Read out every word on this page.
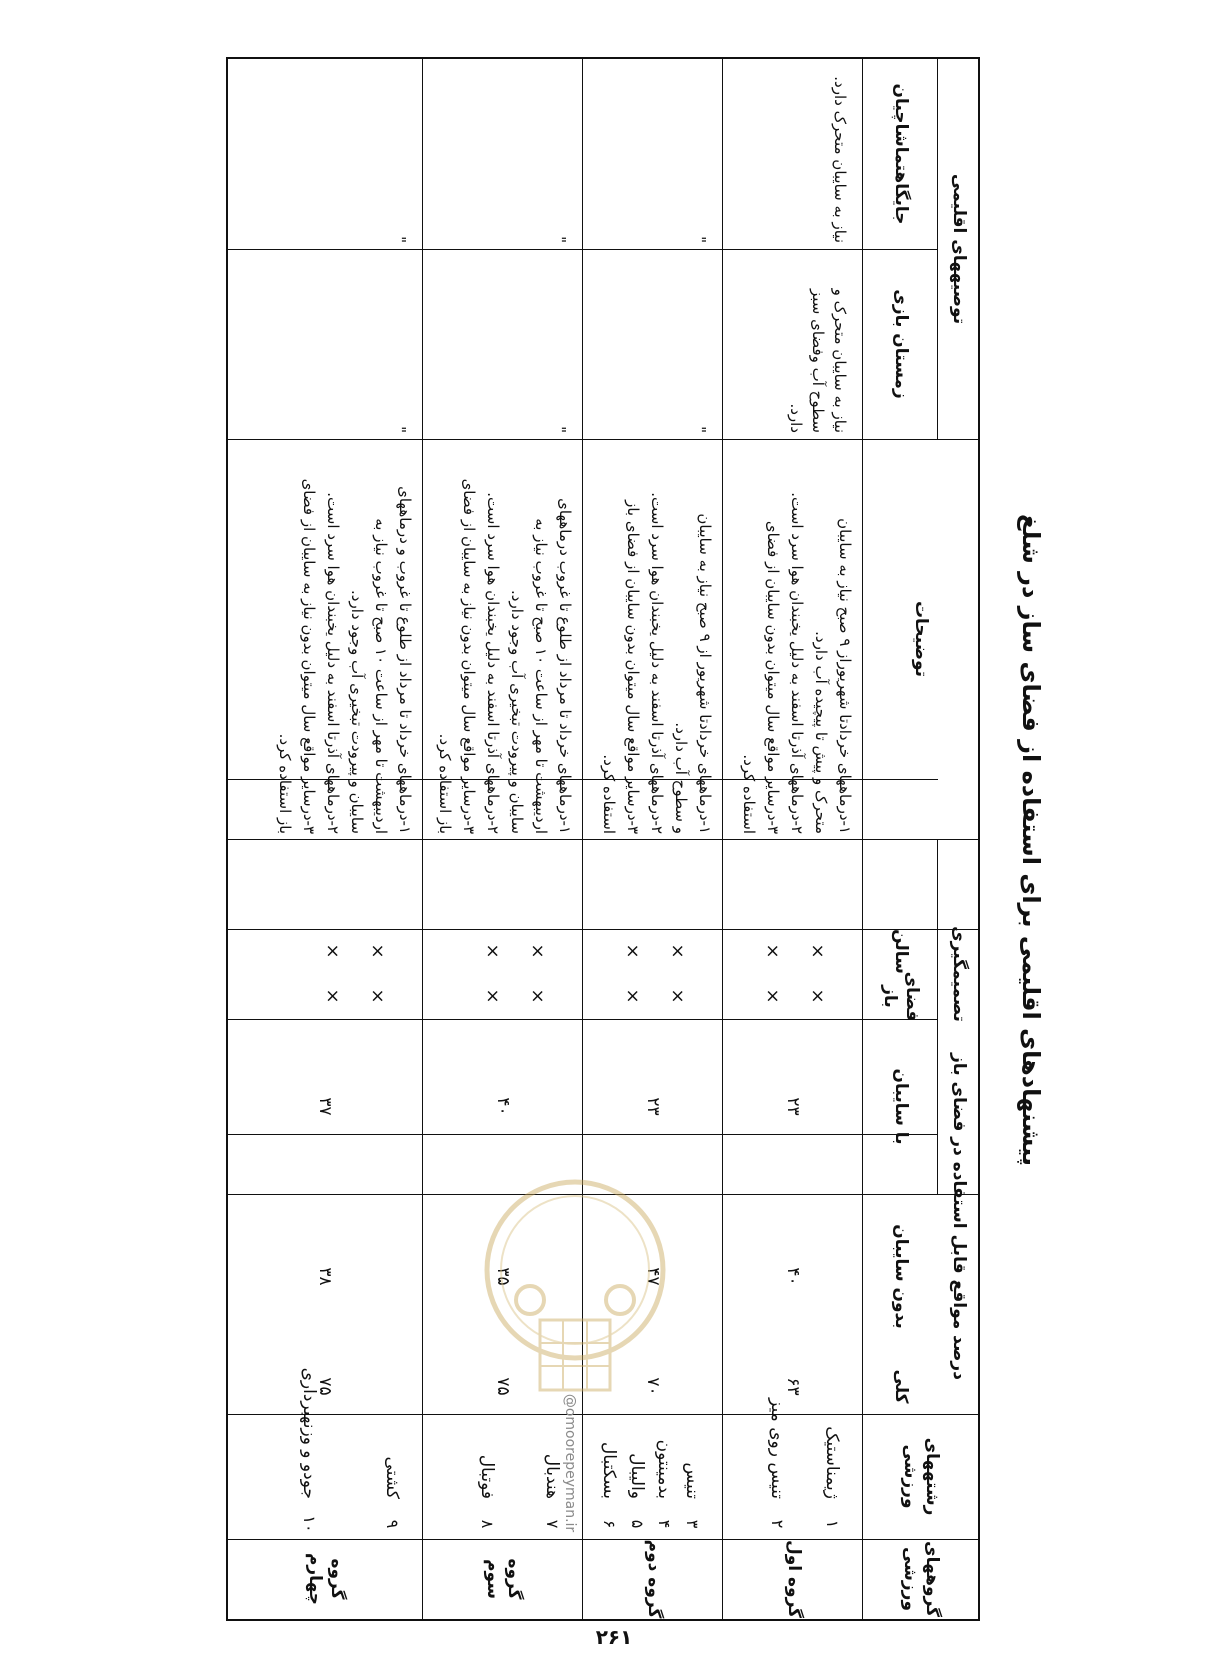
پیشنهادهای اقلیمی برای استفاده از فضای ساز در شلغ
گروههای ورزشی
رشتههای ورزشی
درصد مواقع قابل استفاده در فضای باز
کلی
بدون سایبان
با سایبان
تصمیمگیری
فضای باز
سالن
توضیحات
توصیههای اقلیمی
زمستان بازی
جایگاهتماشاچیان
گروه اول
۱
ژیمناستیک
۲
تنیس روی میز
۶۳
۴۰
۲۳
×
×
×
×
۱-درماههای خردادتا شهریوراز ۹ صبح نیاز به سایبان
متحرک و پیش تا پیچیده آب دارد.
۲-درماههای آذرتا اسفند به دلیل یخبندان هوا سرد است.
۳-درسایر مواقع سال میتوان بدون سایبان از فضای
استفاده کرد.
نیاز به سایبان متحرک و سطوح آب وفضای سبز دارد.
نیاز به سایبان متحرک دارد.
گروه دوم
۳
تنیس
۴
بدمینتون
۵
والیبال
۶
بسکتبال
۷۰
۴۷
۲۳
×
×
×
×
۱-درماههای خردادتا شهریور از ۹ صبح نیاز به سایبان
و سطوح آب دارد.
۲-درماههای آذرتا اسفند به دلیل یخبندان هوا سرد است.
۳-درسایر مواقع سال میتوان بدون سایبان از فضای باز
استفاده کرد.
"
"
گروه سوم
۷
هندبال
۸
فوتبال
۷۵
۳۵
۴۰
×
×
×
×
۱-درماههای خرداد تا مرداد از طلوع تا غروب درماههای
اردیبهشت تا مهر از ساعت ۱۰ صبح تا غروب نیاز به
سایبان و پیرودت تبخیری آب وجود دارد.
۲-درماههای آذرتا اسفند به دلیل یخبندان هوا سرد است.
۳-درسایر مواقع سال میتوان بدون نیاز به سایبان از فضای
باز استفاده کرد.
"
"
گروه چهارم
۹
کشتی
۱۰
جودو و وزنهبرداری
۷۵
۳۸
۳۷
×
×
×
×
۱-درماههای خرداد تا مرداد از طلوع تا غروب و درماههای
اردیبهشت تا مهر از ساعت ۱۰ صبح تا غروب نیاز به
سایبان و پیرودت تبخیری آب وجود دارد.
۲-درماههای آذرتا اسفند به دلیل یخبندان هوا سرد است.
۳-درسایر مواقع سال میتوان بدون نیاز به سایبان از فضای
باز استفاده کرد.
"
"
@omoorepeyman.ir
۲۶۱
